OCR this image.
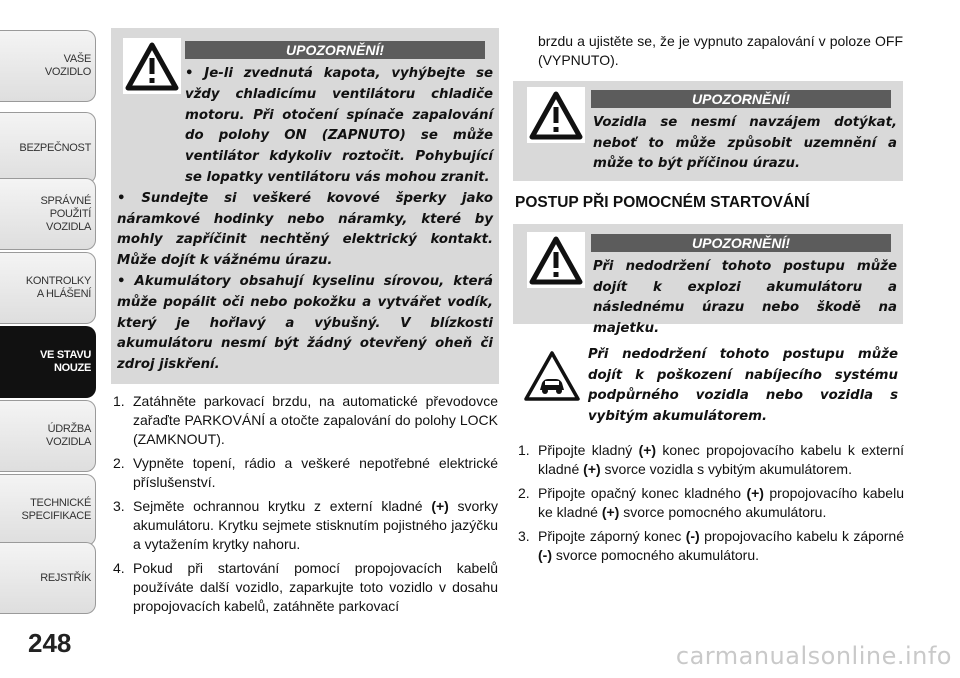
VAŠE
VOZIDLO
BEZPEČNOST
SPRÁVNÉ
POUŽITÍ
VOZIDLA
KONTROLKY
A HLÁŠENÍ
VE STAVU
NOUZE
ÚDRŽBA
VOZIDLA
TECHNICKÉ
SPECIFIKACE
REJSTŘÍK
248
UPOZORNĚNÍ!
• Je-li zvednutá kapota, vyhýbejte se vždy chladicímu ventilátoru chladiče motoru. Při otočení spínače zapalování do polohy ON (ZAPNUTO) se může ventilátor kdykoliv roztočit. Pohybující se lopatky ventilátoru vás mohou zranit.
• Sundejte si veškeré kovové šperky jako náramkové hodinky nebo náramky, které by mohly zapříčinit nechtěný elektrický kontakt. Může dojít k vážnému úrazu.
• Akumulátory obsahují kyselinu sírovou, která může popálit oči nebo pokožku a vytvářet vodík, který je hořlavý a výbušný. V blízkosti akumulátoru nesmí být žádný otevřený oheň či zdroj jiskření.
1. Zatáhněte parkovací brzdu, na automatické převodovce zařaďte PARKOVÁNÍ a otočte zapalování do polohy LOCK (ZAMKNOUT).
2. Vypněte topení, rádio a veškeré nepotřebné elektrické příslušenství.
3. Sejměte ochrannou krytku z externí kladné (+) svorky akumulátoru. Krytku sejmete stisknutím pojistného jazýčku a vytažením krytky nahoru.
4. Pokud při startování pomocí propojovacích kabelů používáte další vozidlo, zaparkujte toto vozidlo v dosahu propojovacích kabelů, zatáhněte parkovací
brzdu a ujistěte se, že je vypnuto zapalování v poloze OFF (VYPNUTO).
UPOZORNĚNÍ!
Vozidla se nesmí navzájem dotýkat, neboť to může způsobit uzemnění a může to být příčinou úrazu.
POSTUP PŘI POMOCNÉM STARTOVÁNÍ
UPOZORNĚNÍ!
Při nedodržení tohoto postupu může dojít k explozi akumulátoru a následnému úrazu nebo škodě na majetku.
Při nedodržení tohoto postupu může dojít k poškození nabíjecího systému podpůrného vozidla nebo vozidla s vybitým akumulátorem.
1. Připojte kladný (+) konec propojovacího kabelu k externí kladné (+) svorce vozidla s vybitým akumulátorem.
2. Připojte opačný konec kladného (+) propojovacího kabelu ke kladné (+) svorce pomocného akumulátoru.
3. Připojte záporný konec (-) propojovacího kabelu k záporné (-) svorce pomocného akumulátoru.
carmanualsonline.info
